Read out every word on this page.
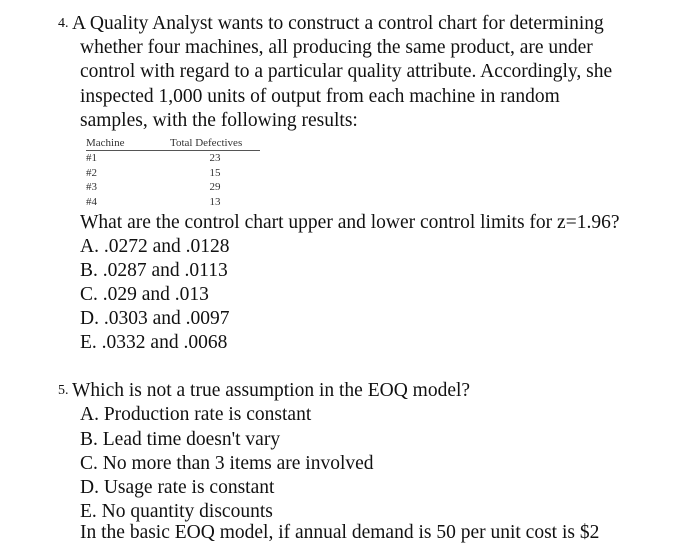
4. A Quality Analyst wants to construct a control chart for determining
whether four machines, all producing the same product, are under
control with regard to a particular quality attribute. Accordingly, she
inspected 1,000 units of output from each machine in random
samples, with the following results:
Machine	Total Defectives
#1	23
#2	15
#3	29
#4	13
What are the control chart upper and lower control limits for z=1.96?
A. .0272 and .0128
B. .0287 and .0113
C. .029 and .013
D. .0303 and .0097
E. .0332 and .0068
5. Which is not a true assumption in the EOQ model?
A. Production rate is constant
B. Lead time doesn't vary
C. No more than 3 items are involved
D. Usage rate is constant
E. No quantity discounts
In the basic EOQ model, if annual demand is 50 per unit cost is $2
